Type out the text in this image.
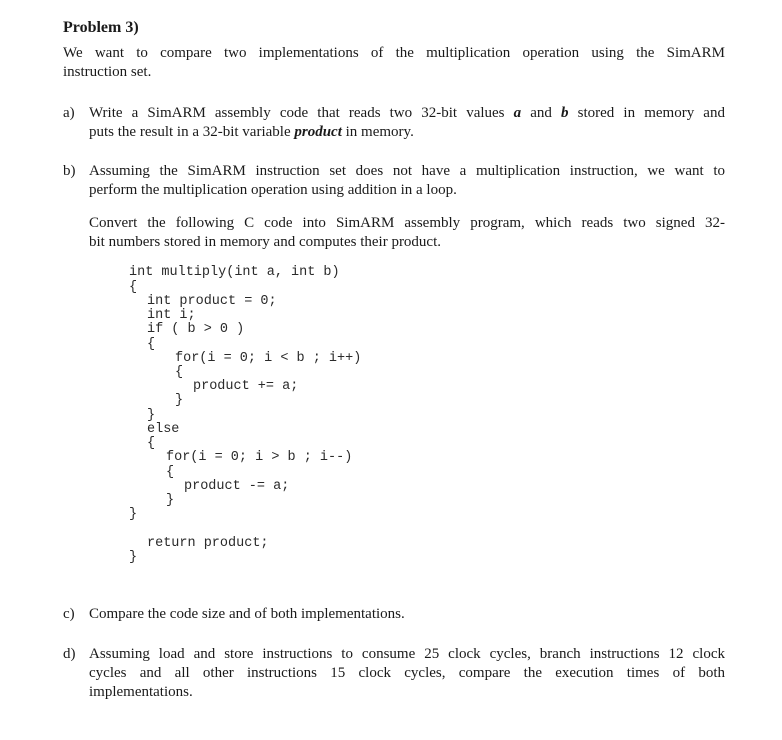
Problem 3)
We want to compare two implementations of the multiplication operation using the SimARM
instruction set.
a) Write a SimARM assembly code that reads two 32-bit values a and b stored in memory and
puts the result in a 32-bit variable product in memory.
b) Assuming the SimARM instruction set does not have a multiplication instruction, we want to
perform the multiplication operation using addition in a loop.
Convert the following C code into SimARM assembly program, which reads two signed 32-
bit numbers stored in memory and computes their product.
int multiply(int a, int b)
{
int product = 0;
int i;
if ( b > 0 )
{
for(i = 0; i < b ; i++)
{
product += a;
}
}
else
{
for(i = 0; i > b ; i--)
{
product -= a;
}
}
return product;
}
c) Compare the code size and of both implementations.
d) Assuming load and store instructions to consume 25 clock cycles, branch instructions 12 clock
cycles and all other instructions 15 clock cycles, compare the execution times of both
implementations.
